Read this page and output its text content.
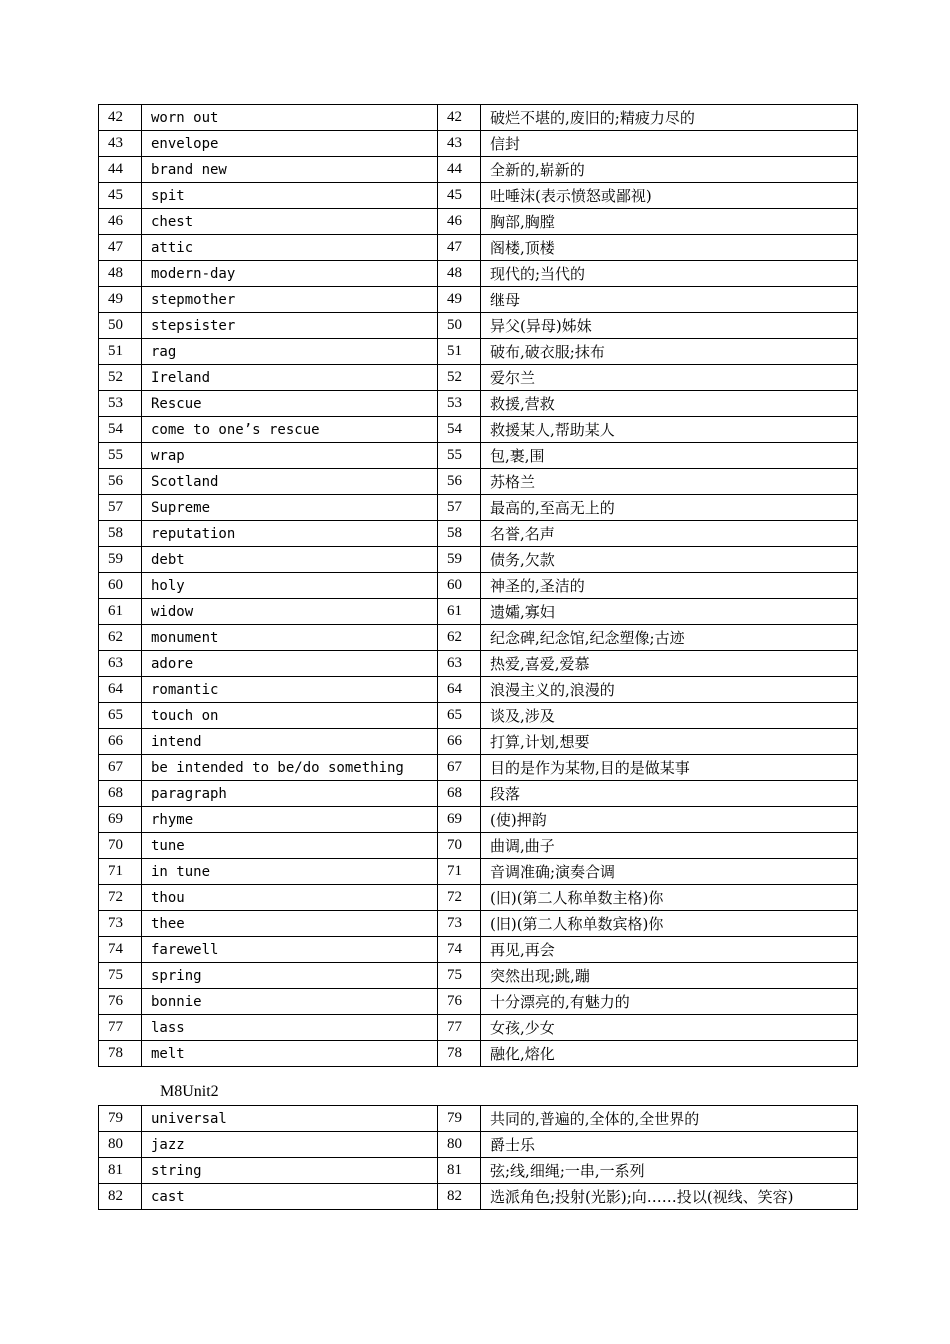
42	worn out	42	破烂不堪的,废旧的;精疲力尽的
43	envelope	43	信封
44	brand new	44	全新的,崭新的
45	spit	45	吐唾沫(表示愤怒或鄙视)
46	chest	46	胸部,胸膛
47	attic	47	阁楼,顶楼
48	modern-day	48	现代的;当代的
49	stepmother	49	继母
50	stepsister	50	异父(异母)姊妹
51	rag	51	破布,破衣服;抹布
52	Ireland	52	爱尔兰
53	Rescue	53	救援,营救
54	come to one’s rescue	54	救援某人,帮助某人
55	wrap	55	包,裹,围
56	Scotland	56	苏格兰
57	Supreme	57	最高的,至高无上的
58	reputation	58	名誉,名声
59	debt	59	债务,欠款
60	holy	60	神圣的,圣洁的
61	widow	61	遗孀,寡妇
62	monument	62	纪念碑,纪念馆,纪念塑像;古迹
63	adore	63	热爱,喜爱,爱慕
64	romantic	64	浪漫主义的,浪漫的
65	touch on	65	谈及,涉及
66	intend	66	打算,计划,想要
67	be intended to be/do something	67	目的是作为某物,目的是做某事
68	paragraph	68	段落
69	rhyme	69	(使)押韵
70	tune	70	曲调,曲子
71	in tune	71	音调准确;演奏合调
72	thou	72	(旧)(第二人称单数主格)你
73	thee	73	(旧)(第二人称单数宾格)你
74	farewell	74	再见,再会
75	spring	75	突然出现;跳,蹦
76	bonnie	76	十分漂亮的,有魅力的
77	lass	77	女孩,少女
78	melt	78	融化,熔化
M8Unit2
79	universal	79	共同的,普遍的,全体的,全世界的
80	jazz	80	爵士乐
81	string	81	弦;线,细绳;一串,一系列
82	cast	82	选派角色;投射(光影);向……投以(视线、笑容)
